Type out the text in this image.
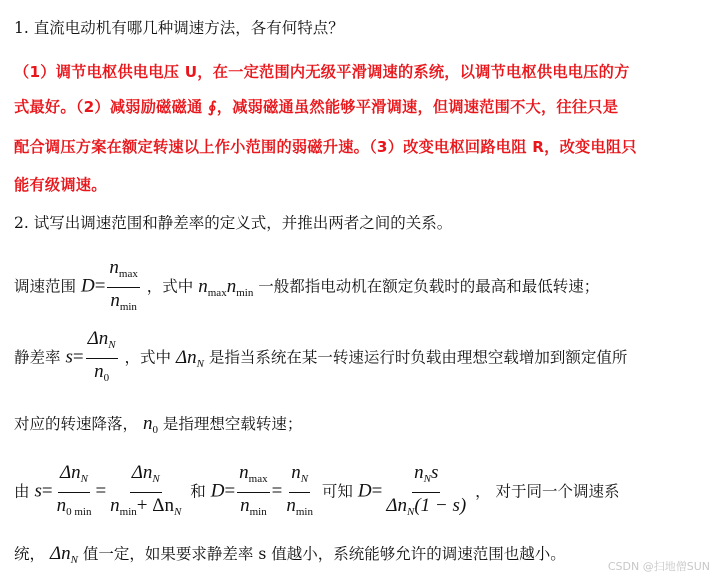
1. 直流电动机有哪几种调速方法，各有何特点？
（1）调节电枢供电电压 U，在一定范围内无级平滑调速的系统，以调节电枢供电电压的方
式最好。（2）减弱励磁磁通 ∮，减弱磁通虽然能够平滑调速，但调速范围不大，往往只是
配合调压方案在额定转速以上作小范围的弱磁升速。（3）改变电枢回路电阻 R，改变电阻只
能有级调速。
2. 试写出调速范围和静差率的定义式，并推出两者之间的关系。
调速范围 $D= \frac{n_{max}}{n_{min}}$ ，式中 $n_{max}n_{min}$ 一般都指电动机在额定负载时的最高和最低转速；
静差率 $s= \frac{\Delta n_N}{n_0}$ ，式中 $\Delta n_N$ 是指当系统在某一转速运行时负载由理想空载增加到额定值所
对应的转速降落， $n_0$ 是指理想空载转速；
由 $s= \frac{\Delta n_N}{n_{0 min}} = \frac{\Delta n_N}{n_{min}+ \Delta n_N}$ 和 $D= \frac{n_{max}}{n_{min}} = \frac{n_N}{n_{min}}$ 可知 $D= \frac{n_Ns}{\Delta n_N(1 - s)}$ ， 对于同一个调速系
统， $\Delta n_N$ 值一定，如果要求静差率 s 值越小，系统能够允许的调速范围也越小。
CSDN @扫地僧SUN
